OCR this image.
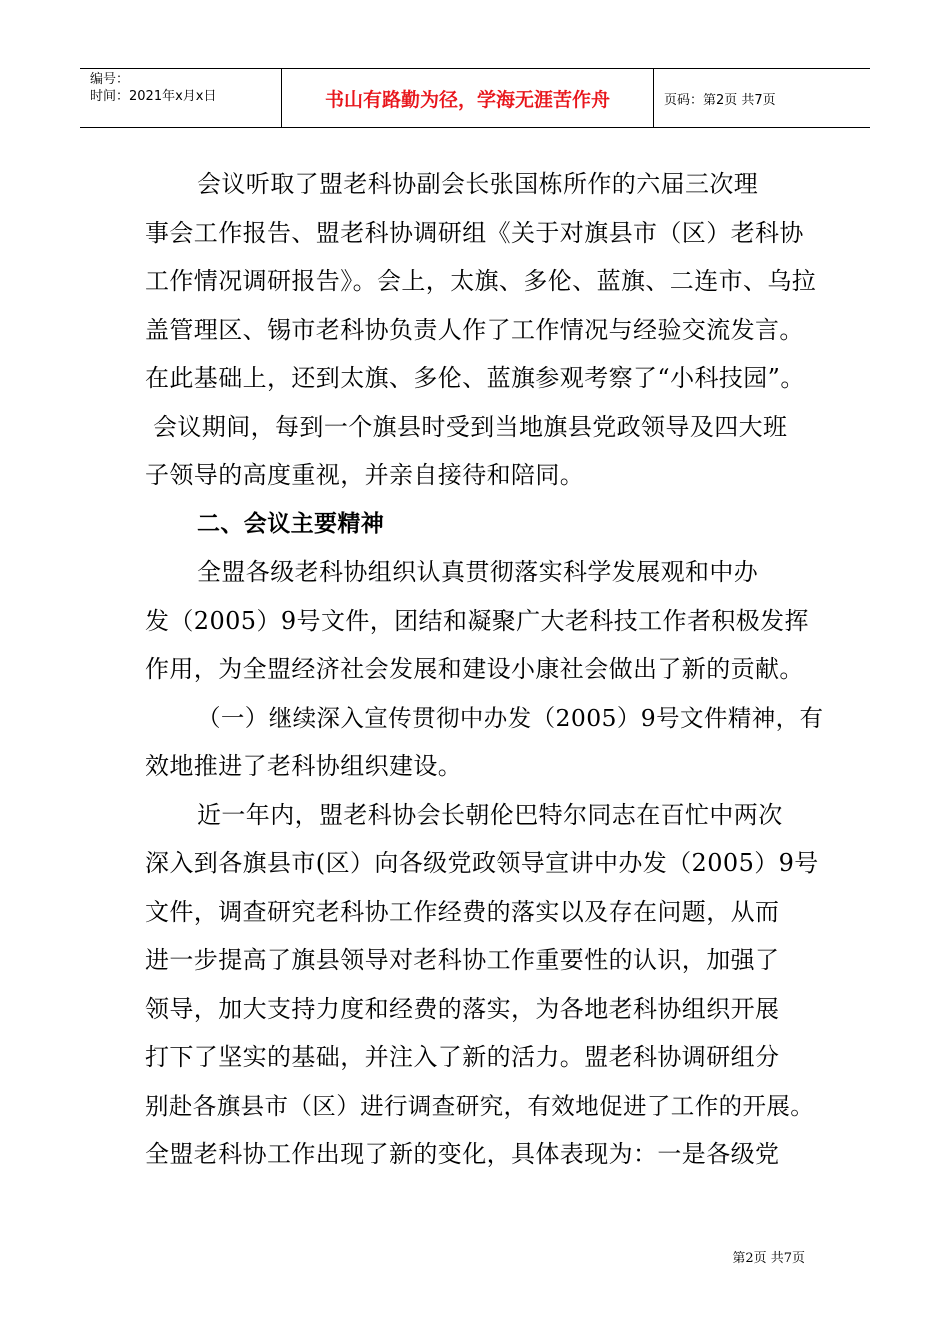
编号：
时间：2021年x月x日	书山有路勤为径，学海无涯苦作舟	页码：第2页 共7页
会议听取了盟老科协副会长张国栋所作的六届三次理
事会工作报告、盟老科协调研组《关于对旗县市（区）老科协
工作情况调研报告》。会上，太旗、多伦、蓝旗、二连市、乌拉
盖管理区、锡市老科协负责人作了工作情况与经验交流发言。
在此基础上，还到太旗、多伦、蓝旗参观考察了“小科技园”。
会议期间，每到一个旗县时受到当地旗县党政领导及四大班
子领导的高度重视，并亲自接待和陪同。
二、会议主要精神
全盟各级老科协组织认真贯彻落实科学发展观和中办
发（2005）9号文件，团结和凝聚广大老科技工作者积极发挥
作用，为全盟经济社会发展和建设小康社会做出了新的贡献。
（一）继续深入宣传贯彻中办发（2005）9号文件精神，有
效地推进了老科协组织建设。
近一年内，盟老科协会长朝伦巴特尔同志在百忙中两次
深入到各旗县市(区）向各级党政领导宣讲中办发（2005）9号
文件，调查研究老科协工作经费的落实以及存在问题，从而
进一步提高了旗县领导对老科协工作重要性的认识，加强了
领导，加大支持力度和经费的落实，为各地老科协组织开展
打下了坚实的基础，并注入了新的活力。盟老科协调研组分
别赴各旗县市（区）进行调查研究，有效地促进了工作的开展。
全盟老科协工作出现了新的变化，具体表现为：一是各级党
第2页 共7页
